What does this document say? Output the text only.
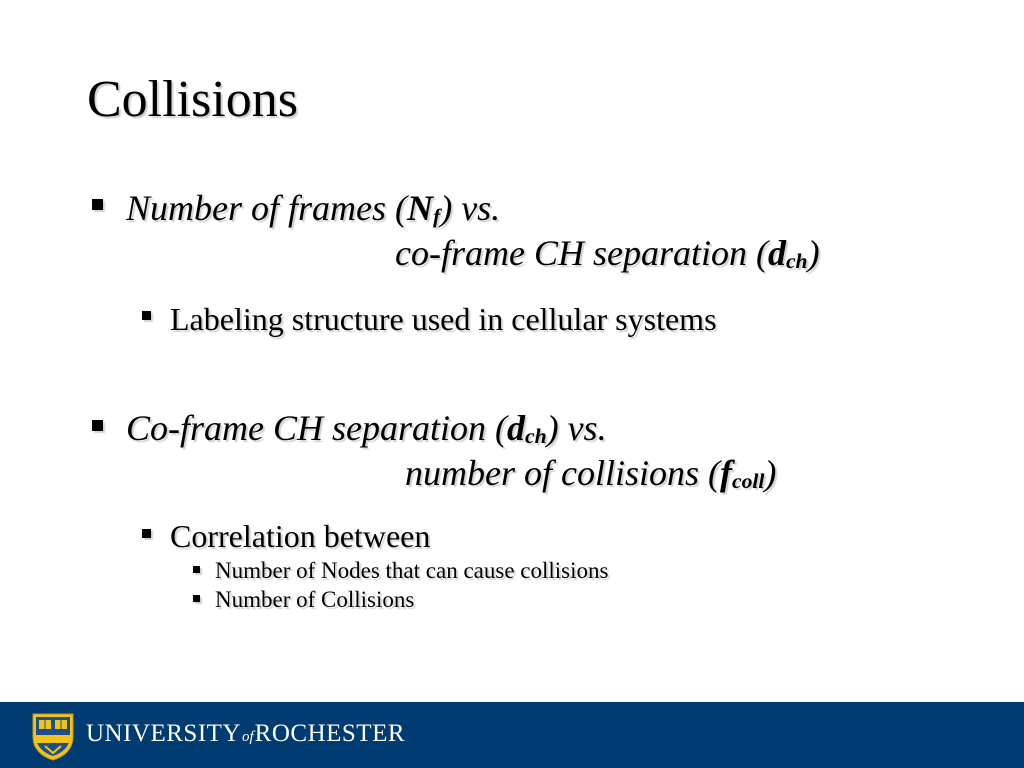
Collisions
Number of frames $(N_f)$ vs.
co-frame CH separation $(d_{ch})$
Labeling structure used in cellular systems
Co-frame CH separation $(d_{ch})$ vs.
number of collisions $(f_{coll})$
Correlation between
Number of Nodes that can cause collisions
Number of Collisions
UNIVERSITYofROCHESTER
